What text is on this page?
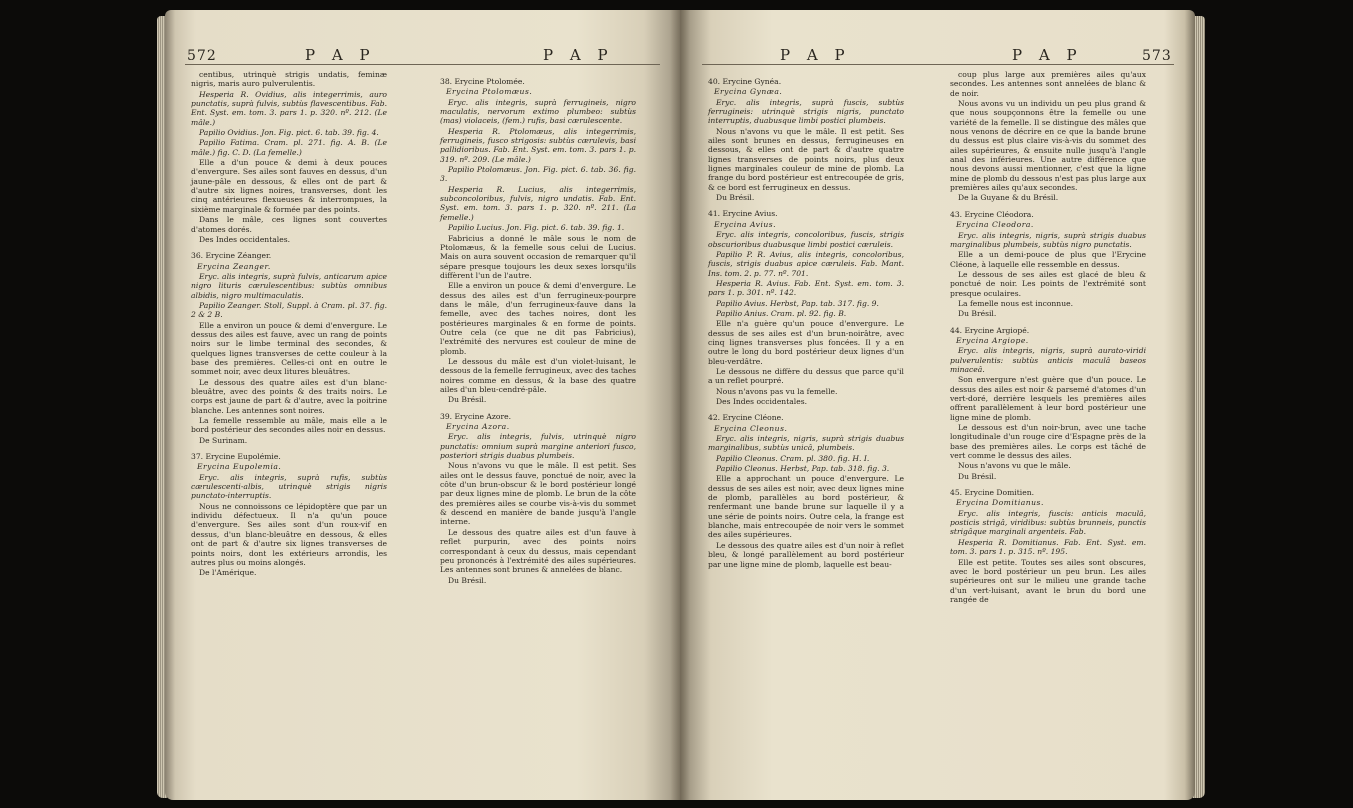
572	P A P	P A P

centibus, utrinquè strigis undatis, feminæ nigris, maris auro pulverulentis.

Hesperia R. Ovidius, alis integerrimis, auro punctatis, suprà fulvis, subtùs flavescentibus. Fab. Ent. Syst. em. tom. 3. pars 1. p. 320. nº. 212. (Le mâle.)

Papilio Ovidius. Jon. Fig. pict. 6. tab. 39. fig. 4.

Papilio Fatima. Cram. pl. 271. fig. A. B. (Le mâle.) fig. C. D. (La femelle.)

Elle a d'un pouce & demi à deux pouces d'envergure. Ses ailes sont fauves en dessus, d'un jaune-pâle en dessous, & elles ont de part & d'autre six lignes noires, transverses, dont les cinq antérieures flexueuses & interrompues, la sixième marginale & formée par des points.

Dans le mâle, ces lignes sont couvertes d'atomes dorés.

Des Indes occidentales.

36. Erycine Zéanger.

Erycina Zeanger.

Eryc. alis integris, suprà fulvis, anticarum apice nigro lituris cærulescentibus: subtùs omnibus albidis, nigro multimaculatis.

Papilio Zeanger. Stoll, Suppl. à Cram. pl. 37. fig. 2 & 2 B.

Elle a environ un pouce & demi d'envergure. Le dessus des ailes est fauve, avec un rang de points noirs sur le limbe terminal des secondes, & quelques lignes transverses de cette couleur à la base des premières. Celles-ci ont en outre le sommet noir, avec deux litures bleuâtres.

Le dessous des quatre ailes est d'un blanc-bleuâtre, avec des points & des traits noirs. Le corps est jaune de part & d'autre, avec la poitrine blanche. Les antennes sont noires.

La femelle ressemble au mâle, mais elle a le bord postérieur des secondes ailes noir en dessus.

De Surinam.

37. Erycine Eupolémie.

Erycina Eupolemia.

Eryc. alis integris, suprà rufis, subtùs cærulescenti-albis, utrinquè strigis nigris punctato-interruptis.

Nous ne connoissons ce lépidoptère que par un individu défectueux. Il n'a qu'un pouce d'envergure. Ses ailes sont d'un roux-vif en dessus, d'un blanc-bleuâtre en dessous, & elles ont de part & d'autre six lignes transverses de points noirs, dont les extérieurs arrondis, les autres plus ou moins alongés.

De l'Amérique.

38. Erycine Ptolomée.

Erycina Ptolomæus.

Eryc. alis integris, suprà ferrugineis, nigro maculatis, nervorum extimo plumbeo: subtùs (mas) violaceis, (fem.) rufis, basi cærulescente.

Hesperia R. Ptolomæus, alis integerrimis, ferrugineis, fusco strigosis: subtùs cærulevis, basi pallidioribus. Fab. Ent. Syst. em. tom. 3. pars 1. p. 319. nº. 209. (Le mâle.)

Papilio Ptolomæus. Jon. Fig. pict. 6. tab. 36. fig. 3.

Hesperia R. Lucius, alis integerrimis, subconcoloribus, fulvis, nigro undatis. Fab. Ent. Syst. em. tom. 3. pars 1. p. 320. nº. 211. (La femelle.)

Papilio Lucius. Jon. Fig. pict. 6. tab. 39. fig. 1.

Fabricius a donné le mâle sous le nom de Ptolomæus, & la femelle sous celui de Lucius. Mais on aura souvent occasion de remarquer qu'il sépare presque toujours les deux sexes lorsqu'ils diffèrent l'un de l'autre.

Elle a environ un pouce & demi d'envergure. Le dessus des ailes est d'un ferrugineux-pourpre dans le mâle, d'un ferrugineux-fauve dans la femelle, avec des taches noires, dont les postérieures marginales & en forme de points. Outre cela (ce que ne dit pas Fabricius), l'extrémité des nervures est couleur de mine de plomb.

Le dessous du mâle est d'un violet-luisant, le dessous de la femelle ferrugineux, avec des taches noires comme en dessus, & la base des quatre ailes d'un bleu-cendré-pâle.

Du Brésil.

39. Erycine Azore.

Erycina Azora.

Eryc. alis integris, fulvis, utrinquè nigro punctatis: omnium suprà margine anteriori fusco, posteriori strigis duabus plumbeis.

Nous n'avons vu que le mâle. Il est petit. Ses ailes ont le dessus fauve, ponctué de noir, avec la côte d'un brun-obscur & le bord postérieur longé par deux lignes mine de plomb. Le brun de la côte des premières ailes se courbe vis-à-vis du sommet & descend en manière de bande jusqu'à l'angle interne.

Le dessous des quatre ailes est d'un fauve à reflet purpurin, avec des points noirs correspondant à ceux du dessus, mais cependant peu prononcés à l'extrémité des ailes supérieures. Les antennes sont brunes & annelées de blanc.

Du Brésil.

P A P	P A P	573

40. Erycine Gynéa.

Erycina Gynæa.

Eryc. alis integris, suprà fuscis, subtùs ferrugineis: utrinquè strigis nigris, punctato interruptis, duabusque limbi postici plumbeis.

Nous n'avons vu que le mâle. Il est petit. Ses ailes sont brunes en dessus, ferrugineuses en dessous, & elles ont de part & d'autre quatre lignes transverses de points noirs, plus deux lignes marginales couleur de mine de plomb. La frange du bord postérieur est entrecoupée de gris, & ce bord est ferrugineux en dessus.

Du Brésil.

41. Erycine Avius.

Erycina Avius.

Eryc. alis integris, concoloribus, fuscis, strigis obscurioribus duabusque limbi postici cæruleis.

Papilio P. R. Avius, alis integris, concoloribus, fuscis, strigis duabus apice cæruleis. Fab. Mant. Ins. tom. 2. p. 77. nº. 701.

Hesperia R. Avius. Fab. Ent. Syst. em. tom. 3. pars 1. p. 301. nº. 142.

Papilio Avius. Herbst, Pap. tab. 317. fig. 9.

Papilio Anius. Cram. pl. 92. fig. B.

Elle n'a guère qu'un pouce d'envergure. Le dessus de ses ailes est d'un brun-noirâtre, avec cinq lignes transverses plus foncées. Il y a en outre le long du bord postérieur deux lignes d'un bleu-verdâtre.

Le dessous ne diffère du dessus que parce qu'il a un reflet pourpré.

Nous n'avons pas vu la femelle.

Des Indes occidentales.

42. Erycine Cléone.

Erycina Cleonus.

Eryc. alis integris, nigris, suprà strigis duabus marginalibus, subtùs unicâ, plumbeis.

Papilio Cleonus. Cram. pl. 380. fig. H. I.

Papilio Cleonus. Herbst, Pap. tab. 318. fig. 3.

Elle a approchant un pouce d'envergure. Le dessus de ses ailes est noir, avec deux lignes mine de plomb, parallèles au bord postérieur, & renfermant une bande brune sur laquelle il y a une série de points noirs. Outre cela, la frange est blanche, mais entrecoupée de noir vers le sommet des ailes supérieures.

Le dessous des quatre ailes est d'un noir à reflet bleu, & longé parallèlement au bord postérieur par une ligne mine de plomb, laquelle est beau-

coup plus large aux premières ailes qu'aux secondes. Les antennes sont annelées de blanc & de noir.

Nous avons vu un individu un peu plus grand & que nous soupçonnons être la femelle ou une variété de la femelle. Il se distingue des mâles que nous venons de décrire en ce que la bande brune du dessus est plus claire vis-à-vis du sommet des ailes supérieures, & ensuite nulle jusqu'à l'angle anal des inférieures. Une autre différence que nous devons aussi mentionner, c'est que la ligne mine de plomb du dessous n'est pas plus large aux premières ailes qu'aux secondes.

De la Guyane & du Brésil.

43. Erycine Cléodora.

Erycina Cleodora.

Eryc. alis integris, nigris, suprà strigis duabus marginalibus plumbeis, subtùs nigro punctatis.

Elle a un demi-pouce de plus que l'Erycine Cléone, à laquelle elle ressemble en dessus.

Le dessous de ses ailes est glacé de bleu & ponctué de noir. Les points de l'extrémité sont presque oculaires.

La femelle nous est inconnue.

Du Brésil.

44. Erycine Argiopé.

Erycina Argiope.

Eryc. alis integris, nigris, suprà aurato-viridi pulverulentis: subtùs anticis maculâ baseos minaceâ.

Son envergure n'est guère que d'un pouce. Le dessus des ailes est noir & parsemé d'atomes d'un vert-doré, derrière lesquels les premières ailes offrent parallèlement à leur bord postérieur une ligne mine de plomb.

Le dessous est d'un noir-brun, avec une tache longitudinale d'un rouge cire d'Espagne près de la base des premières ailes. Le corps est tâché de vert comme le dessus des ailes.

Nous n'avons vu que le mâle.

Du Brésil.

45. Erycine Domitien.

Erycina Domitianus.

Eryc. alis integris, fuscis: anticis maculâ, posticis strigâ, viridibus: subtùs brunneis, punctis strigâque marginali argenteis. Fab.

Hesperia R. Domitianus. Fab. Ent. Syst. em. tom. 3. pars 1. p. 315. nº. 195.

Elle est petite. Toutes ses ailes sont obscures, avec le bord postérieur un peu brun. Les ailes supérieures ont sur le milieu une grande tache d'un vert-luisant, avant le brun du bord une rangée de
